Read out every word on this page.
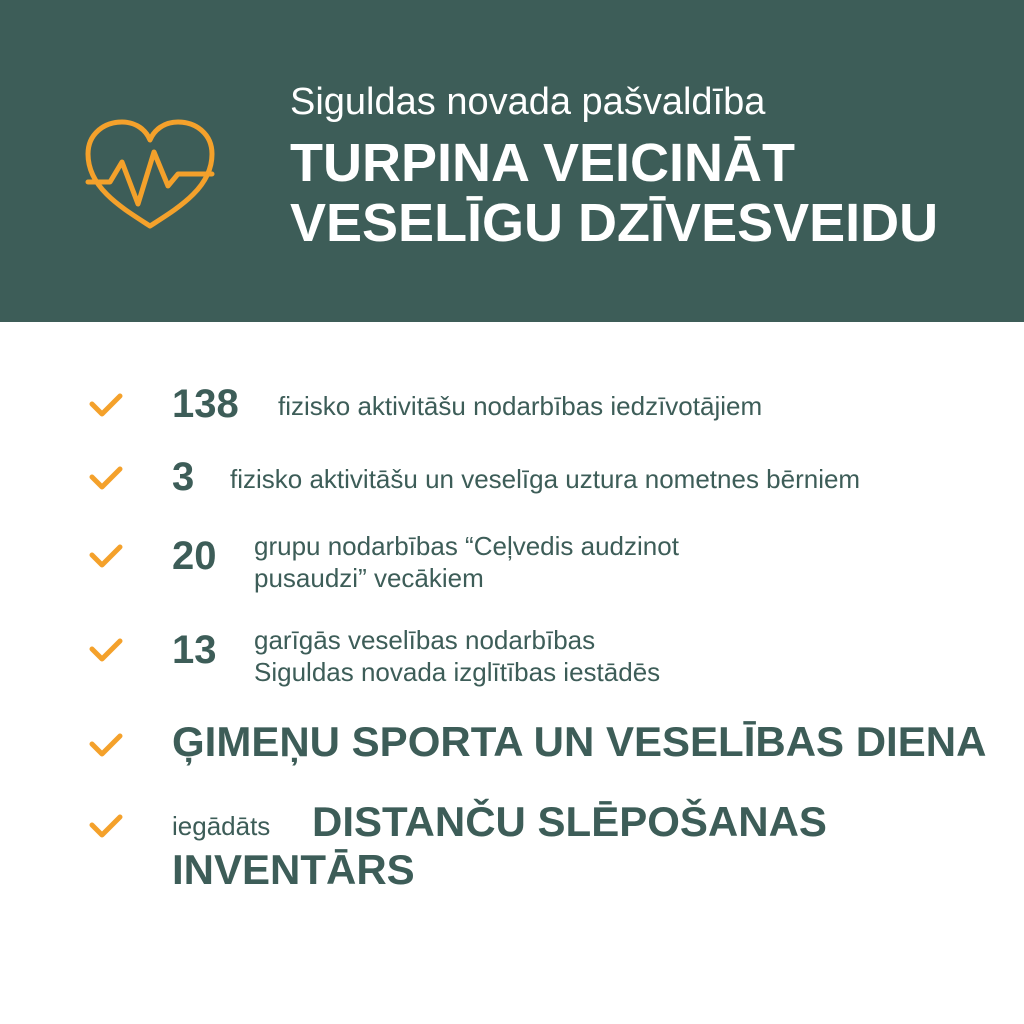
Siguldas novada pašvaldība
TURPINA VEICINĀT
VESELĪGU DZĪVESVEIDU
138 fizisko aktivitāšu nodarbības iedzīvotājiem
3 fizisko aktivitāšu un veselīga uztura nometnes bērniem
20 grupu nodarbības “Ceļvedis audzinot
pusaudzi” vecākiem
13 garīgās veselības nodarbības
Siguldas novada izglītības iestādēs
ĢIMEŅU SPORTA UN VESELĪBAS DIENA
iegādāts DISTANČU SLĒPOŠANAS
INVENTĀRS
